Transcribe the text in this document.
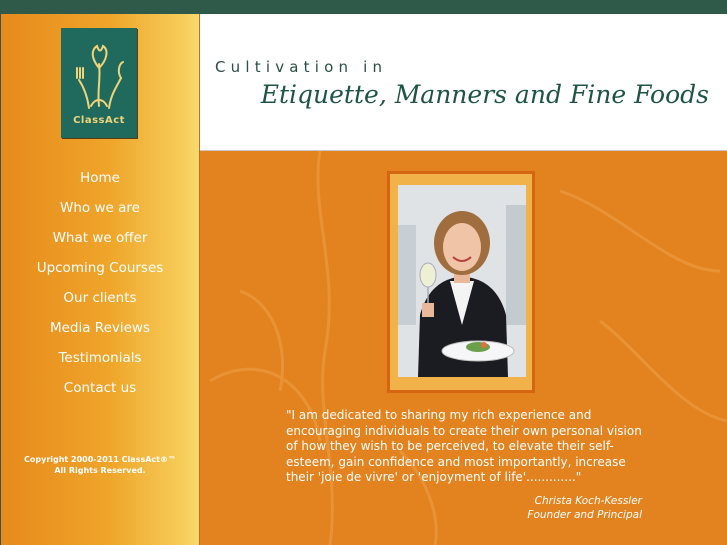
ClassAct
Home
Who we are
What we offer
Upcoming Courses
Our clients
Media Reviews
Testimonials
Contact us
Copyright 2000-2011 ClassAct®™
All Rights Reserved.
Cultivation in
Etiquette, Manners and Fine Foods
"I am dedicated to sharing my rich experience and encouraging individuals to create their own personal vision of how they wish to be perceived, to elevate their self-esteem, gain confidence and most importantly, increase their 'joie de vivre' or 'enjoyment of life'............."
Christa Koch-Kessler
Founder and Principal
